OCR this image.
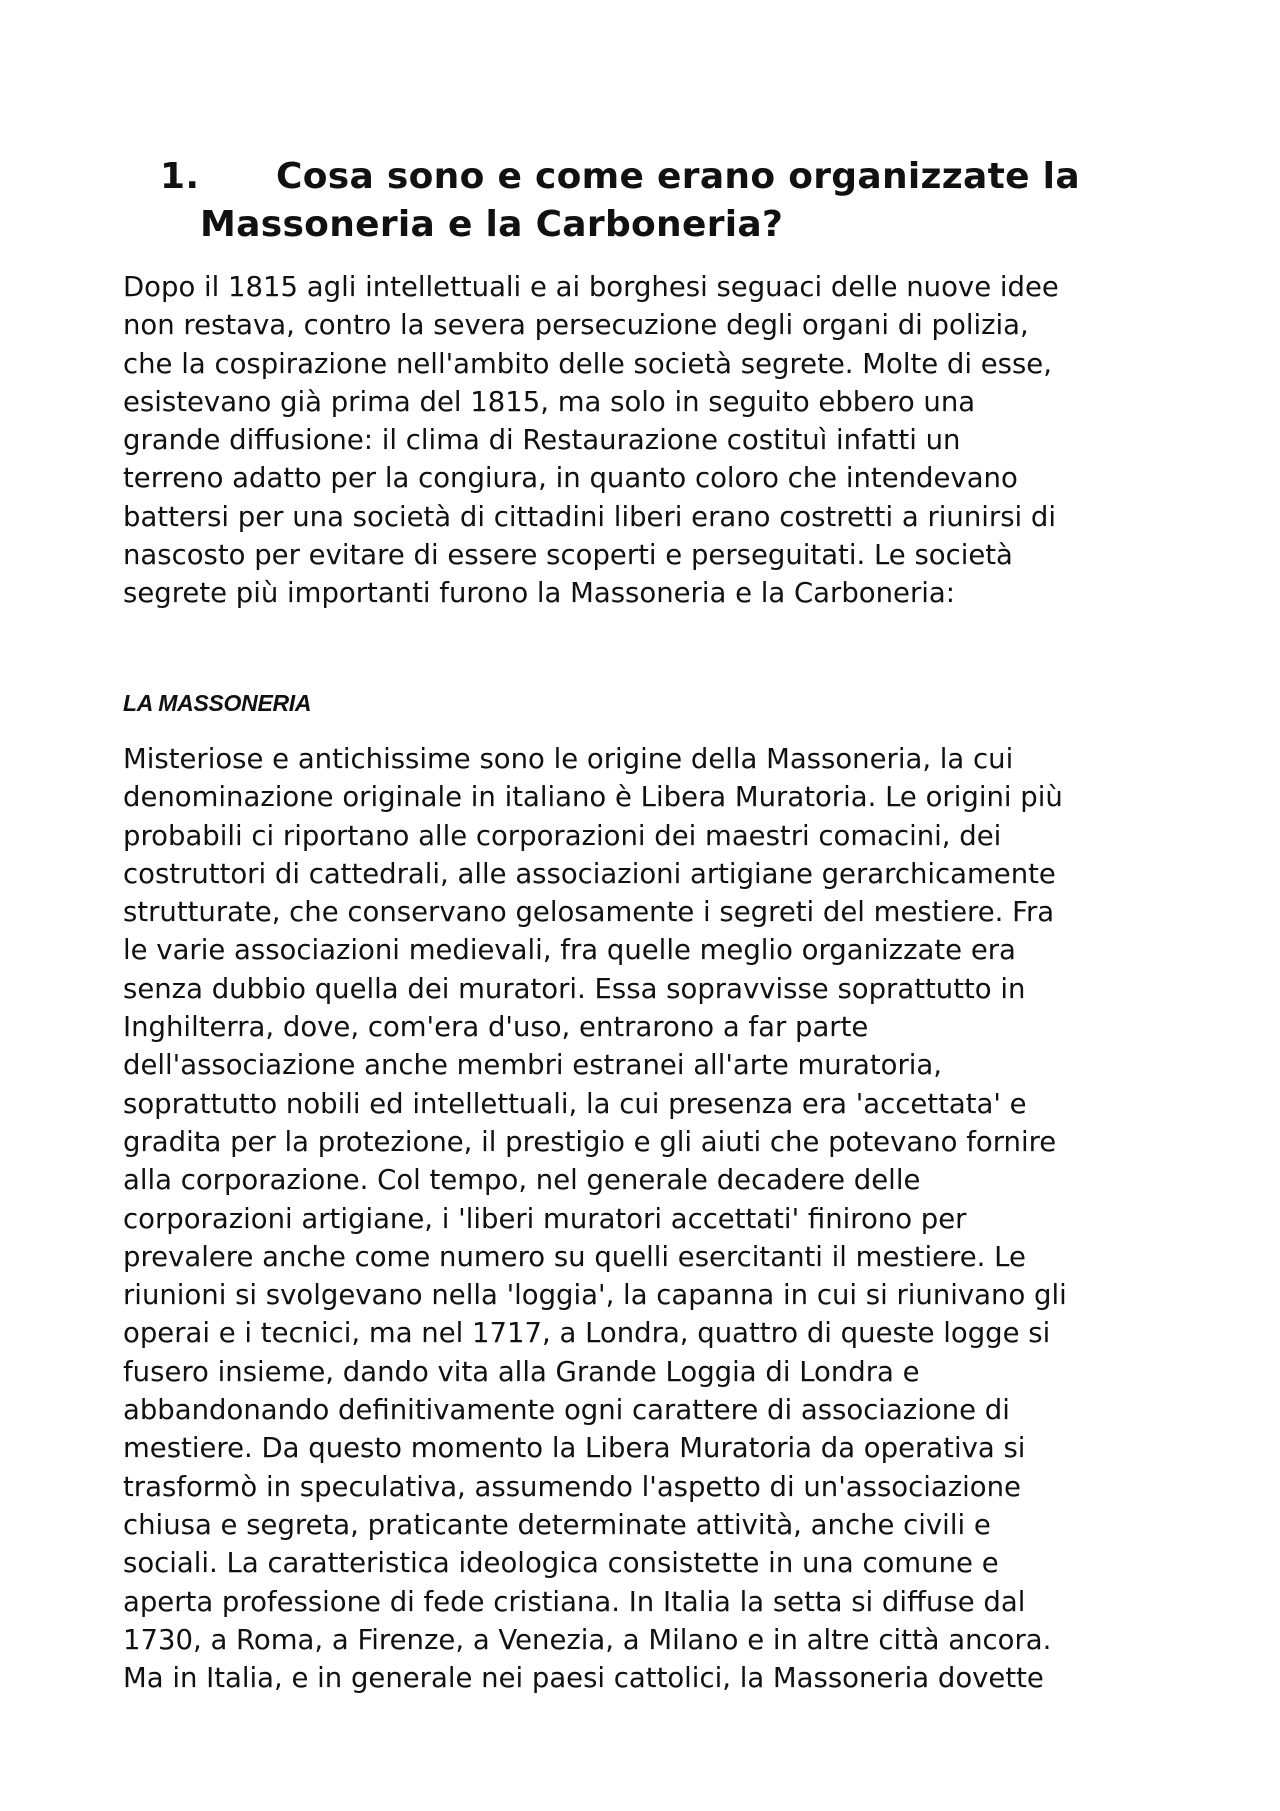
1. Cosa sono e come erano organizzate la
Massoneria e la Carboneria?
Dopo il 1815 agli intellettuali e ai borghesi seguaci delle nuove idee
non restava, contro la severa persecuzione degli organi di polizia,
che la cospirazione nell'ambito delle società segrete. Molte di esse,
esistevano già prima del 1815, ma solo in seguito ebbero una
grande diffusione: il clima di Restaurazione costituì infatti un
terreno adatto per la congiura, in quanto coloro che intendevano
battersi per una società di cittadini liberi erano costretti a riunirsi di
nascosto per evitare di essere scoperti e perseguitati. Le società
segrete più importanti furono la Massoneria e la Carboneria:
LA MASSONERIA
Misteriose e antichissime sono le origine della Massoneria, la cui
denominazione originale in italiano è Libera Muratoria. Le origini più
probabili ci riportano alle corporazioni dei maestri comacini, dei
costruttori di cattedrali, alle associazioni artigiane gerarchicamente
strutturate, che conservano gelosamente i segreti del mestiere. Fra
le varie associazioni medievali, fra quelle meglio organizzate era
senza dubbio quella dei muratori. Essa sopravvisse soprattutto in
Inghilterra, dove, com'era d'uso, entrarono a far parte
dell'associazione anche membri estranei all'arte muratoria,
soprattutto nobili ed intellettuali, la cui presenza era 'accettata' e
gradita per la protezione, il prestigio e gli aiuti che potevano fornire
alla corporazione. Col tempo, nel generale decadere delle
corporazioni artigiane, i 'liberi muratori accettati' finirono per
prevalere anche come numero su quelli esercitanti il mestiere. Le
riunioni si svolgevano nella 'loggia', la capanna in cui si riunivano gli
operai e i tecnici, ma nel 1717, a Londra, quattro di queste logge si
fusero insieme, dando vita alla Grande Loggia di Londra e
abbandonando definitivamente ogni carattere di associazione di
mestiere. Da questo momento la Libera Muratoria da operativa si
trasformò in speculativa, assumendo l'aspetto di un'associazione
chiusa e segreta, praticante determinate attività, anche civili e
sociali. La caratteristica ideologica consistette in una comune e
aperta professione di fede cristiana. In Italia la setta si diffuse dal
1730, a Roma, a Firenze, a Venezia, a Milano e in altre città ancora.
Ma in Italia, e in generale nei paesi cattolici, la Massoneria dovette
